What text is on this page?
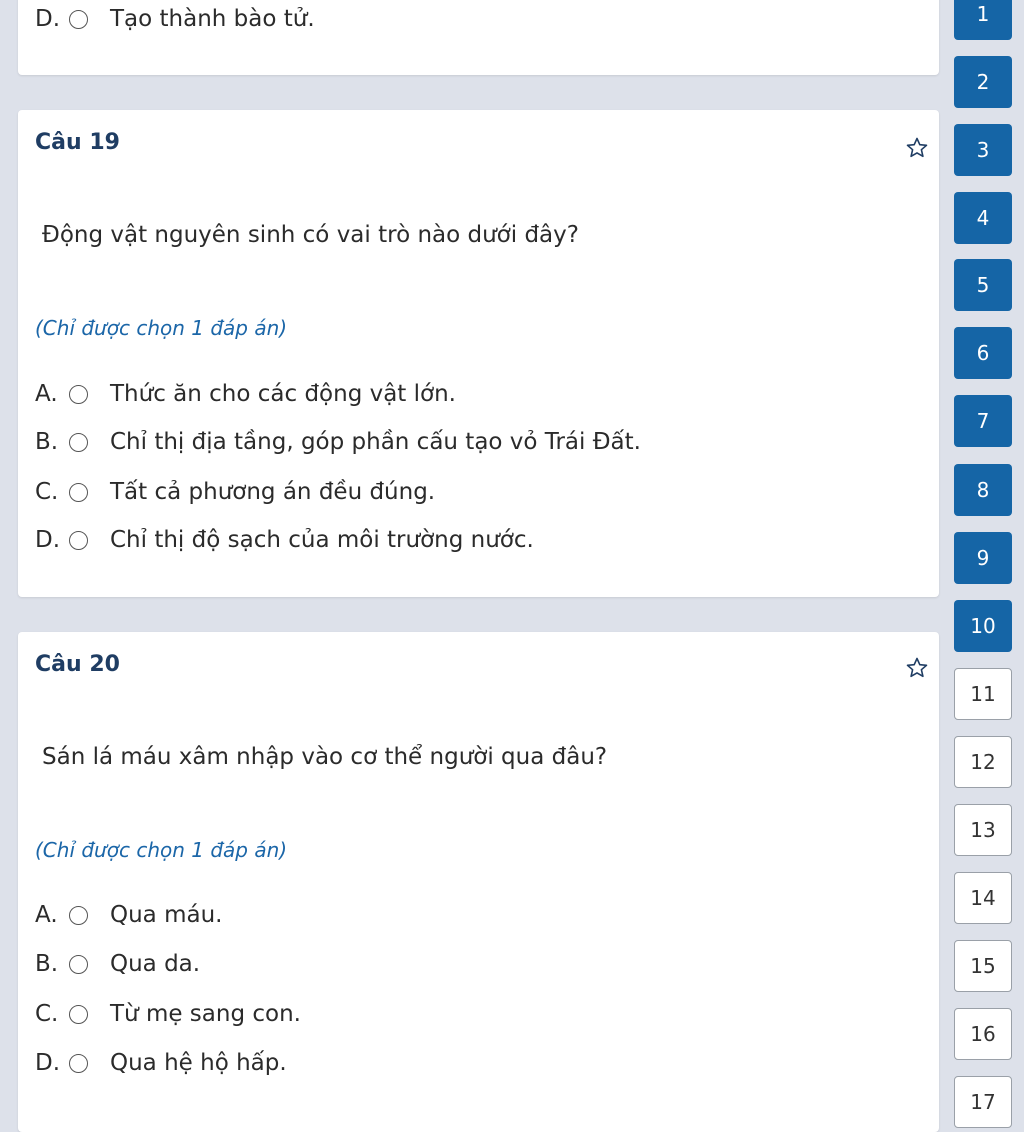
D.	Tạo thành bào tử.
Câu 19
Động vật nguyên sinh có vai trò nào dưới đây?
(Chỉ được chọn 1 đáp án)
A.	Thức ăn cho các động vật lớn.
B.	Chỉ thị địa tầng, góp phần cấu tạo vỏ Trái Đất.
C.	Tất cả phương án đều đúng.
D.	Chỉ thị độ sạch của môi trường nước.
Câu 20
Sán lá máu xâm nhập vào cơ thể người qua đâu?
(Chỉ được chọn 1 đáp án)
A.	Qua máu.
B.	Qua da.
C.	Từ mẹ sang con.
D.	Qua hệ hộ hấp.
1
2
3
4
5
6
7
8
9
10
11
12
13
14
15
16
17
